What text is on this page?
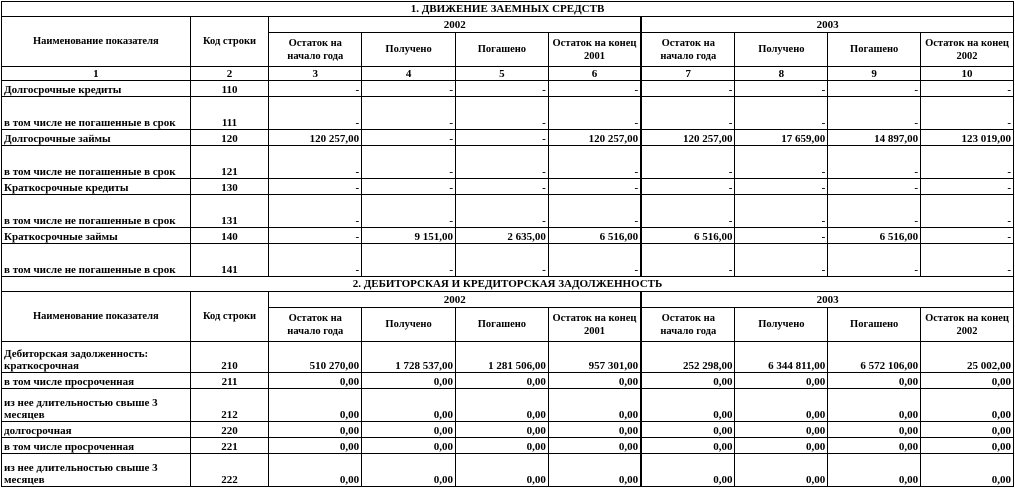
1. ДВИЖЕНИЕ ЗАЕМНЫХ СРЕДСТВ									
Наименование показателя	Код строки	2002				2003			
		Остаток на начало года	Получено	Погашено	Остаток на конец 2001	Остаток на начало года	Получено	Погашено	Остаток на конец 2002
1	2	3	4	5	6	7	8	9	10
Долгосрочные кредиты	110	-	-	-	-	-	-	-	-
в том числе не погашенные в срок	111	-	-	-	-	-	-	-	-
Долгосрочные займы	120	120 257,00	-	-	120 257,00	120 257,00	17 659,00	14 897,00	123 019,00
в том числе не погашенные в срок	121	-	-	-	-	-	-	-	-
Краткосрочные кредиты	130	-	-	-	-	-	-	-	-
в том числе не погашенные в срок	131	-	-	-	-	-	-	-	-
Краткосрочные займы	140	-	9 151,00	2 635,00	6 516,00	6 516,00	-	6 516,00	-
в том числе не погашенные в срок	141	-	-	-	-	-	-	-	-
2. ДЕБИТОРСКАЯ И КРЕДИТОРСКАЯ ЗАДОЛЖЕННОСТЬ									
Наименование показателя	Код строки	2002				2003			
		Остаток на начало года	Получено	Погашено	Остаток на конец 2001	Остаток на начало года	Получено	Погашено	Остаток на конец 2002
Дебиторская задолженность: краткосрочная	210	510 270,00	1 728 537,00	1 281 506,00	957 301,00	252 298,00	6 344 811,00	6 572 106,00	25 002,00
в том числе просроченная	211	0,00	0,00	0,00	0,00	0,00	0,00	0,00	0,00
из нее длительностью свыше 3 месяцев	212	0,00	0,00	0,00	0,00	0,00	0,00	0,00	0,00
долгосрочная	220	0,00	0,00	0,00	0,00	0,00	0,00	0,00	0,00
в том числе просроченная	221	0,00	0,00	0,00	0,00	0,00	0,00	0,00	0,00
из нее длительностью свыше 3 месяцев	222	0,00	0,00	0,00	0,00	0,00	0,00	0,00	0,00
